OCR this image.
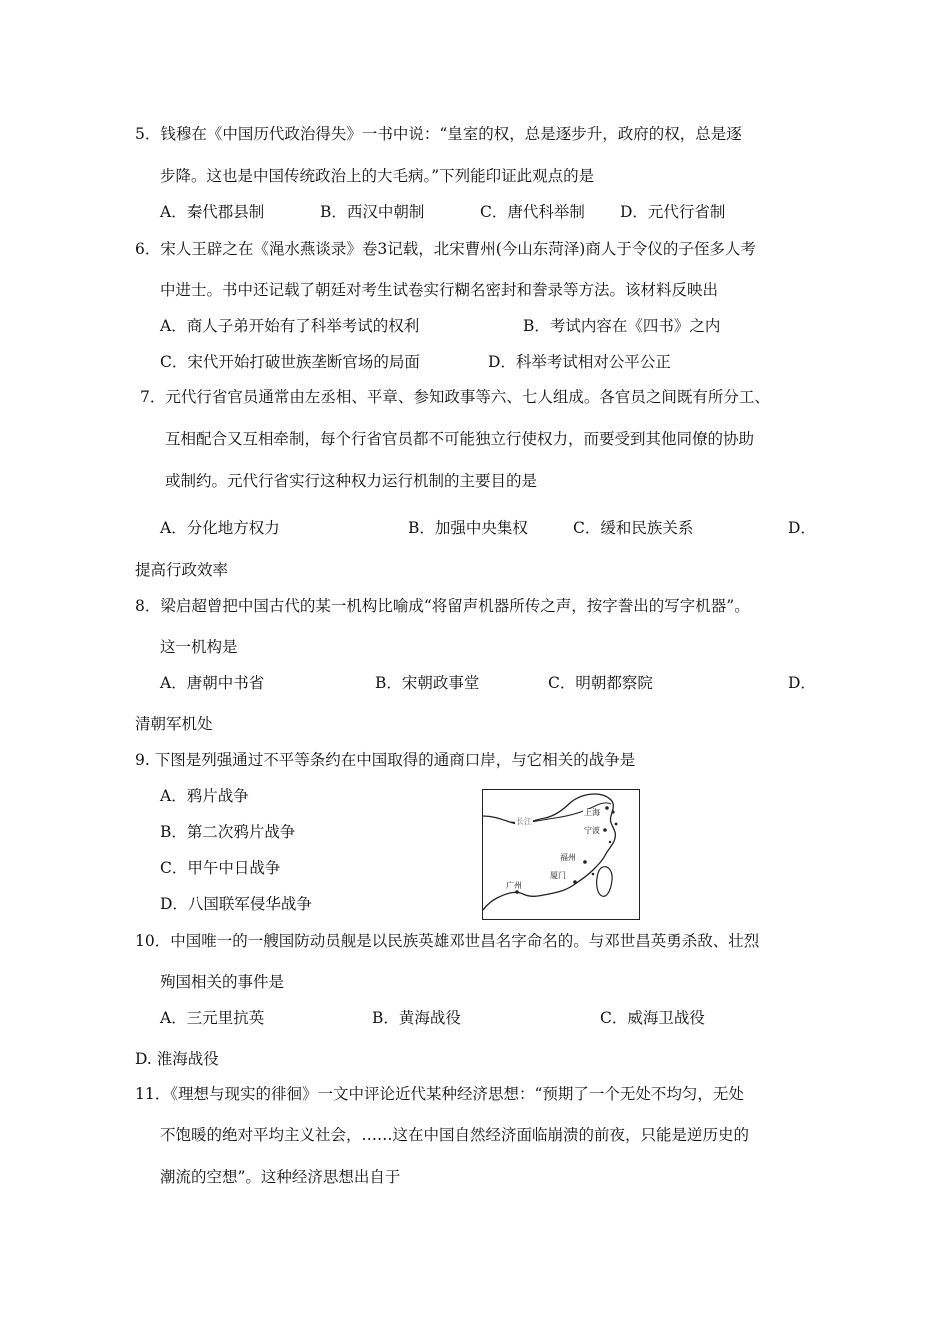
5．钱穆在《中国历代政治得失》一书中说：“皇室的权，总是逐步升，政府的权，总是逐
步降。这也是中国传统政治上的大毛病。”下列能印证此观点的是
A．秦代郡县制	B．西汉中朝制	C．唐代科举制 D．元代行省制
6．宋人王辟之在《渑水燕谈录》卷3记载，北宋曹州(今山东菏泽)商人于令仪的子侄多人考
中进士。书中还记载了朝廷对考生试卷实行糊名密封和誊录等方法。该材料反映出
A．商人子弟开始有了科举考试的权利	B．考试内容在《四书》之内
C．宋代开始打破世族垄断官场的局面	D．科举考试相对公平公正
7．元代行省官员通常由左丞相、平章、参知政事等六、七人组成。各官员之间既有所分工、
互相配合又互相牵制，每个行省官员都不可能独立行使权力，而要受到其他同僚的协助
或制约。元代行省实行这种权力运行机制的主要目的是
A．分化地方权力	B．加强中央集权	C．缓和民族关系	D．
提高行政效率
8．梁启超曾把中国古代的某一机构比喻成“将留声机器所传之声，按字誊出的写字机器”。
这一机构是
A．唐朝中书省	B．宋朝政事堂	C．明朝都察院	D．
清朝军机处
9. 下图是列强通过不平等条约在中国取得的通商口岸，与它相关的战争是
A．鸦片战争
B．第二次鸦片战争
C．甲午中日战争
D．八国联军侵华战争
上海
宁波
福州
厦门
广州
长江
10．中国唯一的一艘国防动员舰是以民族英雄邓世昌名字命名的。与邓世昌英勇杀敌、壮烈
殉国相关的事件是
A．三元里抗英	B．黄海战役	C．威海卫战役
D. 淮海战役
11．《理想与现实的徘徊》一文中评论近代某种经济思想：“预期了一个无处不均匀，无处
不饱暖的绝对平均主义社会，……这在中国自然经济面临崩溃的前夜，只能是逆历史的
潮流的空想”。这种经济思想出自于
